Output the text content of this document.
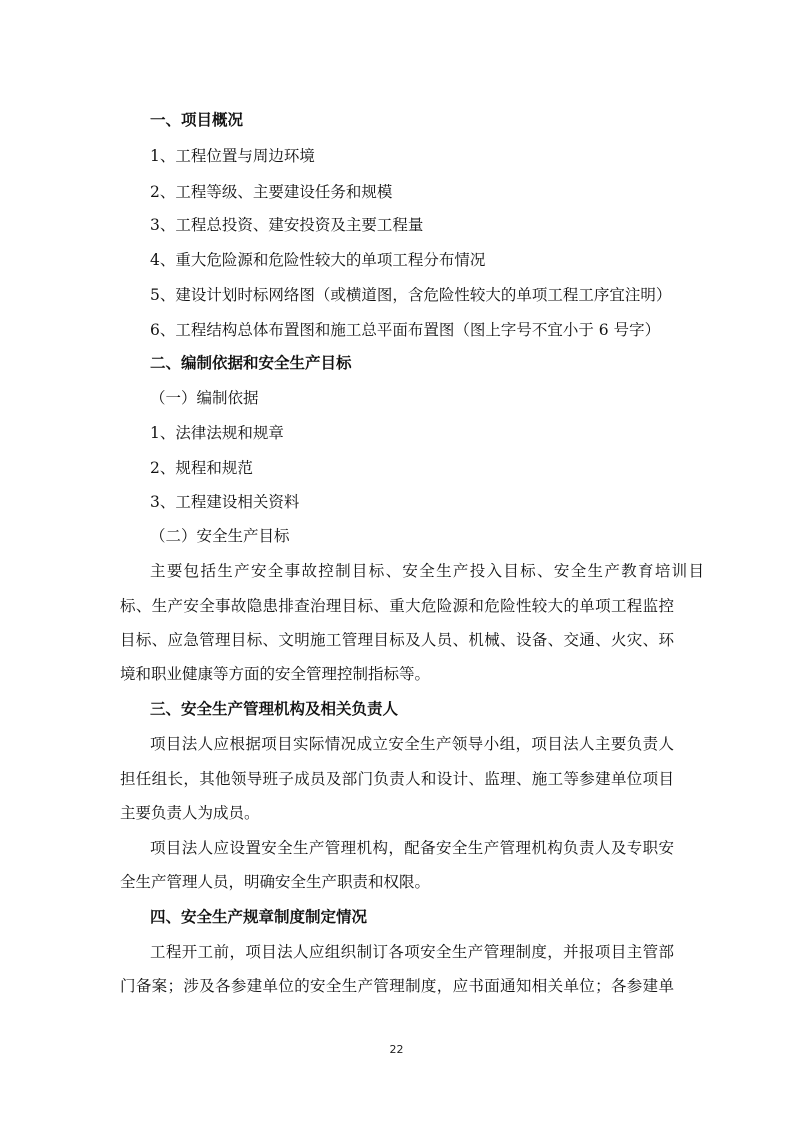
一、项目概况
1、工程位置与周边环境
2、工程等级、主要建设任务和规模
3、工程总投资、建安投资及主要工程量
4、重大危险源和危险性较大的单项工程分布情况
5、建设计划时标网络图（或横道图，含危险性较大的单项工程工序宜注明）
6、工程结构总体布置图和施工总平面布置图（图上字号不宜小于 6 号字）
二、编制依据和安全生产目标
（一）编制依据
1、法律法规和规章
2、规程和规范
3、工程建设相关资料
（二）安全生产目标
主要包括生产安全事故控制目标、安全生产投入目标、安全生产教育培训目
标、生产安全事故隐患排查治理目标、重大危险源和危险性较大的单项工程监控
目标、应急管理目标、文明施工管理目标及人员、机械、设备、交通、火灾、环
境和职业健康等方面的安全管理控制指标等。
三、安全生产管理机构及相关负责人
项目法人应根据项目实际情况成立安全生产领导小组，项目法人主要负责人
担任组长，其他领导班子成员及部门负责人和设计、监理、施工等参建单位项目
主要负责人为成员。
项目法人应设置安全生产管理机构，配备安全生产管理机构负责人及专职安
全生产管理人员，明确安全生产职责和权限。
四、安全生产规章制度制定情况
工程开工前，项目法人应组织制订各项安全生产管理制度，并报项目主管部
门备案；涉及各参建单位的安全生产管理制度，应书面通知相关单位；各参建单
22
